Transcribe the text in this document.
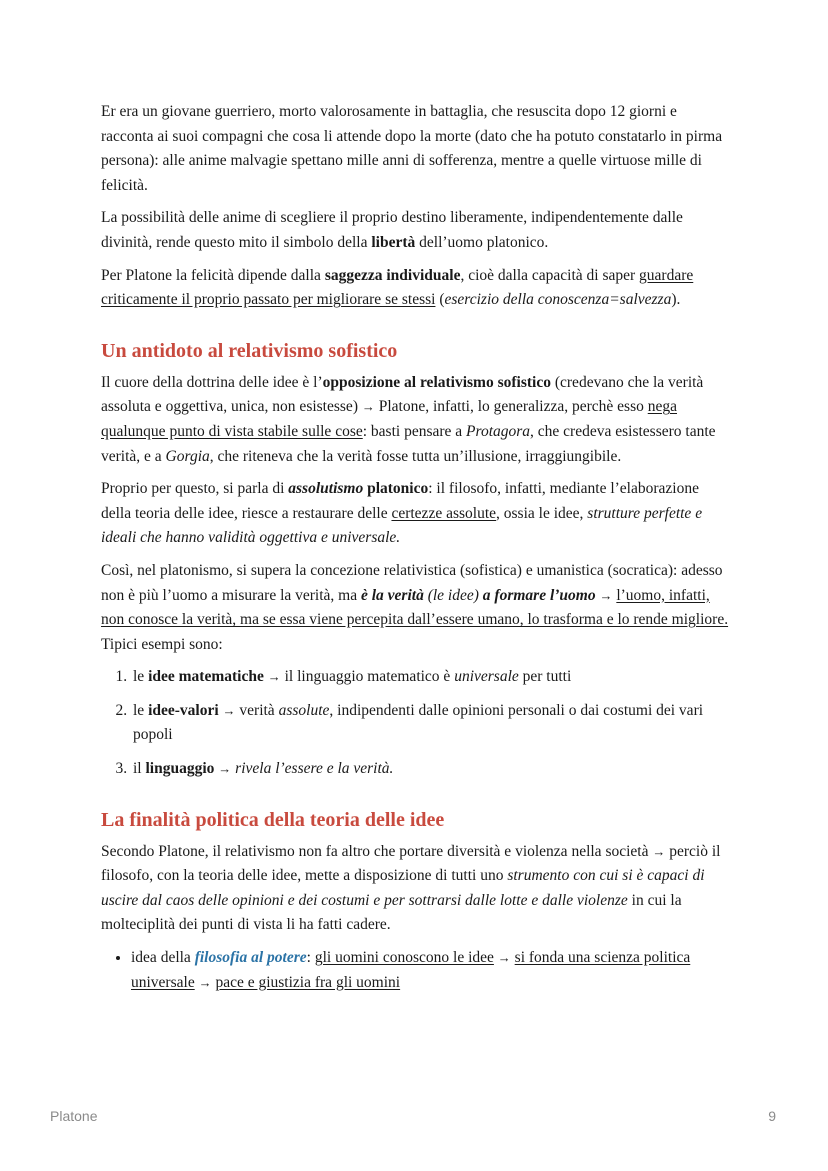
Er era un giovane guerriero, morto valorosamente in battaglia, che resuscita dopo 12 giorni e racconta ai suoi compagni che cosa li attende dopo la morte (dato che ha potuto constatarlo in pirma persona): alle anime malvagie spettano mille anni di sofferenza, mentre a quelle virtuose mille di felicità.

La possibilità delle anime di scegliere il proprio destino liberamente, indipendentemente dalle divinità, rende questo mito il simbolo della libertà dell’uomo platonico.

Per Platone la felicità dipende dalla saggezza individuale, cioè dalla capacità di saper guardare criticamente il proprio passato per migliorare se stessi (esercizio della conoscenza=salvezza).

Un antidoto al relativismo sofistico

Il cuore della dottrina delle idee è l’opposizione al relativismo sofistico (credevano che la verità assoluta e oggettiva, unica, non esistesse) → Platone, infatti, lo generalizza, perchè esso nega qualunque punto di vista stabile sulle cose: basti pensare a Protagora, che credeva esistessero tante verità, e a Gorgia, che riteneva che la verità fosse tutta un’illusione, irraggiungibile.

Proprio per questo, si parla di assolutismo platonico: il filosofo, infatti, mediante l’elaborazione della teoria delle idee, riesce a restaurare delle certezze assolute, ossia le idee, strutture perfette e ideali che hanno validità oggettiva e universale.

Così, nel platonismo, si supera la concezione relativistica (sofistica) e umanistica (socratica): adesso non è più l’uomo a misurare la verità, ma è la verità (le idee) a formare l’uomo → l’uomo, infatti, non conosce la verità, ma se essa viene percepita dall’essere umano, lo trasforma e lo rende migliore. Tipici esempi sono:

1. le idee matematiche → il linguaggio matematico è universale per tutti
2. le idee-valori → verità assolute, indipendenti dalle opinioni personali o dai costumi dei vari popoli
3. il linguaggio → rivela l’essere e la verità.
La finalità politica della teoria delle idee

Secondo Platone, il relativismo non fa altro che portare diversità e violenza nella società → perciò il filosofo, con la teoria delle idee, mette a disposizione di tutti uno strumento con cui si è capaci di uscire dal caos delle opinioni e dei costumi e per sottrarsi dalle lotte e dalle violenze in cui la molteciplità dei punti di vista li ha fatti cadere.

• idea della filosofia al potere: gli uomini conoscono le idee → si fonda una scienza politica universale → pace e giustizia fra gli uomini
Platone	9
